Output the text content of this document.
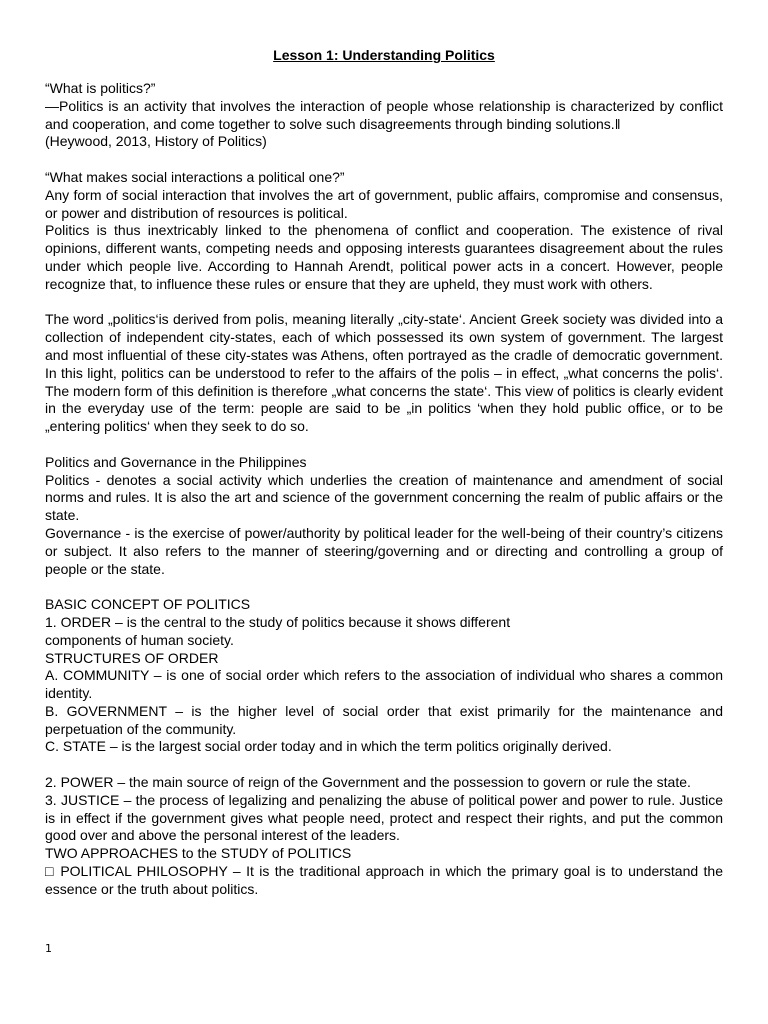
Lesson 1: Understanding Politics

“What is politics?”

—Politics is an activity that involves the interaction of people whose relationship is characterized by conflict and cooperation, and come together to solve such disagreements through binding solutions.‖

(Heywood, 2013, History of Politics)

“What makes social interactions a political one?”

Any form of social interaction that involves the art of government, public affairs, compromise and consensus, or power and distribution of resources is political.

Politics is thus inextricably linked to the phenomena of conflict and cooperation. The existence of rival opinions, different wants, competing needs and opposing interests guarantees disagreement about the rules under which people live. According to Hannah Arendt, political power acts in a concert. However, people recognize that, to influence these rules or ensure that they are upheld, they must work with others.

The word „politics‘is derived from polis, meaning literally „city-state‘. Ancient Greek society was divided into a collection of independent city-states, each of which possessed its own system of government. The largest and most influential of these city-states was Athens, often portrayed as the cradle of democratic government. In this light, politics can be understood to refer to the affairs of the polis – in effect, „what concerns the polis‘. The modern form of this definition is therefore „what concerns the state‘. This view of politics is clearly evident in the everyday use of the term: people are said to be „in politics ‘when they hold public office, or to be „entering politics‘ when they seek to do so.

Politics and Governance in the Philippines

Politics - denotes a social activity which underlies the creation of maintenance and amendment of social norms and rules. It is also the art and science of the government concerning the realm of public affairs or the state.

Governance - is the exercise of power/authority by political leader for the well-being of their country’s citizens or subject. It also refers to the manner of steering/governing and or directing and controlling a group of people or the state.

BASIC CONCEPT OF POLITICS

1. ORDER – is the central to the study of politics because it shows different

components of human society.

STRUCTURES OF ORDER

A. COMMUNITY – is one of social order which refers to the association of individual who shares a common identity.

B. GOVERNMENT – is the higher level of social order that exist primarily for the maintenance and perpetuation of the community.

C. STATE – is the largest social order today and in which the term politics originally derived.

2. POWER – the main source of reign of the Government and the possession to govern or rule the state.

3. JUSTICE – the process of legalizing and penalizing the abuse of political power and power to rule. Justice is in effect if the government gives what people need, protect and respect their rights, and put the common good over and above the personal interest of the leaders.

TWO APPROACHES to the STUDY of POLITICS

□ POLITICAL PHILOSOPHY – It is the traditional approach in which the primary goal is to understand the essence or the truth about politics.

1
